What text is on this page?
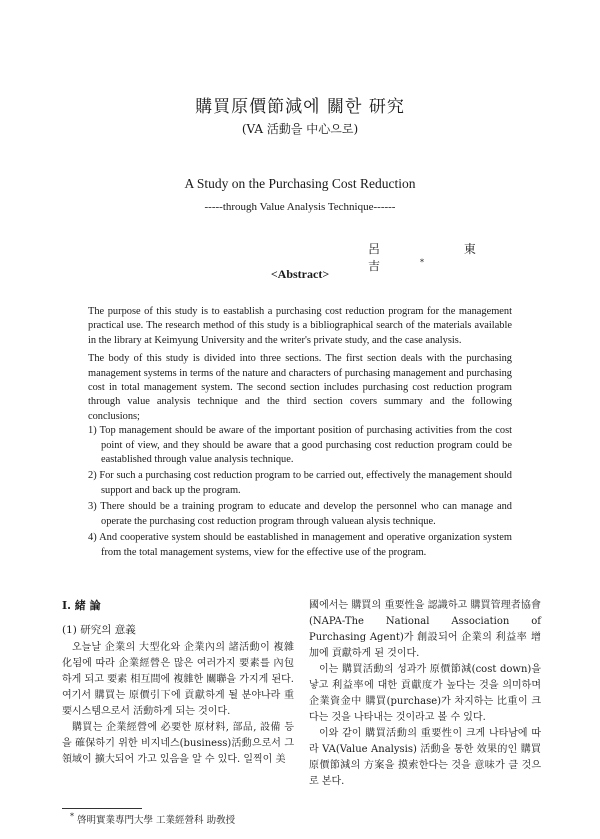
購買原價節減에 關한 研究
(VA 活動을 中心으로)
A Study on the Purchasing Cost Reduction
-----through Value Analysis Technique------
呂 東 吉*
<Abstract>

The purpose of this study is to eastablish a purchasing cost reduction program for the management practical use. The research method of this study is a bibliographical search of the materials available in the library at Keimyung University and the writer's private study, and the case analysis.

The body of this study is divided into three sections. The first section deals with the purchasing management systems in terms of the nature and characters of purchasing management and purchasing cost in total management system. The second section includes purchasing cost reduction program through value analysis technique and the third section covers summary and the following conclusions;

1) Top management should be aware of the important position of purchasing activities from the cost point of view, and they should be aware that a good purchasing cost reduction program could be eastablished through value analysis technique.
2) For such a purchasing cost reduction program to be carried out, effectively the management should support and back up the program.
3) There should be a training program to educate and develop the personnel who can manage and operate the purchasing cost reduction program through valuean alysis technique.
4) And cooperative system should be eastablished in management and operative organization system from the total management systems, view for the effective use of the program.
I. 緒 論
(1) 研究의 意義

오늘날 企業의 大型化와 企業內의 諸活動이 複雜化됨에 따라 企業經營은 많은 여러가지 要素를 內包하게 되고 要素 相互間에 複雜한 關聯을 가지게 된다. 여기서 購買는 原價引下에 貢獻하게 될 분야나라 重要시스템으로서 活動하게 되는 것이다.

購買는 企業經營에 必要한 原材料, 部品, 設備 등을 確保하기 위한 비지네스(business)活動으로서 그 領域이 擴大되어 가고 있음을 알 수 있다. 일찍이 美

國에서는 購買의 重要性을 認識하고 購買管理者協會(NAPA-The National Association of Purchasing Agent)가 創設되어 企業의 利益率 增加에 貢獻하게 된 것이다.

이는 購買活動의 성과가 原價節減(cost down)을 낳고 利益率에 대한 貢獻度가 높다는 것을 의미하며 企業資金中 購買(purchase)가 차지하는 比重이 크다는 것을 나타내는 것이라고 볼 수 있다.

이와 같이 購買活動의 重要性이 크게 나타남에 따라 VA(Value Analysis) 活動을 통한 效果的인 購買原價節減의 方案을 摸索한다는 것을 意味가 클 것으로 본다.

* 啓明實業專門大學 工業經營科 助敎授
